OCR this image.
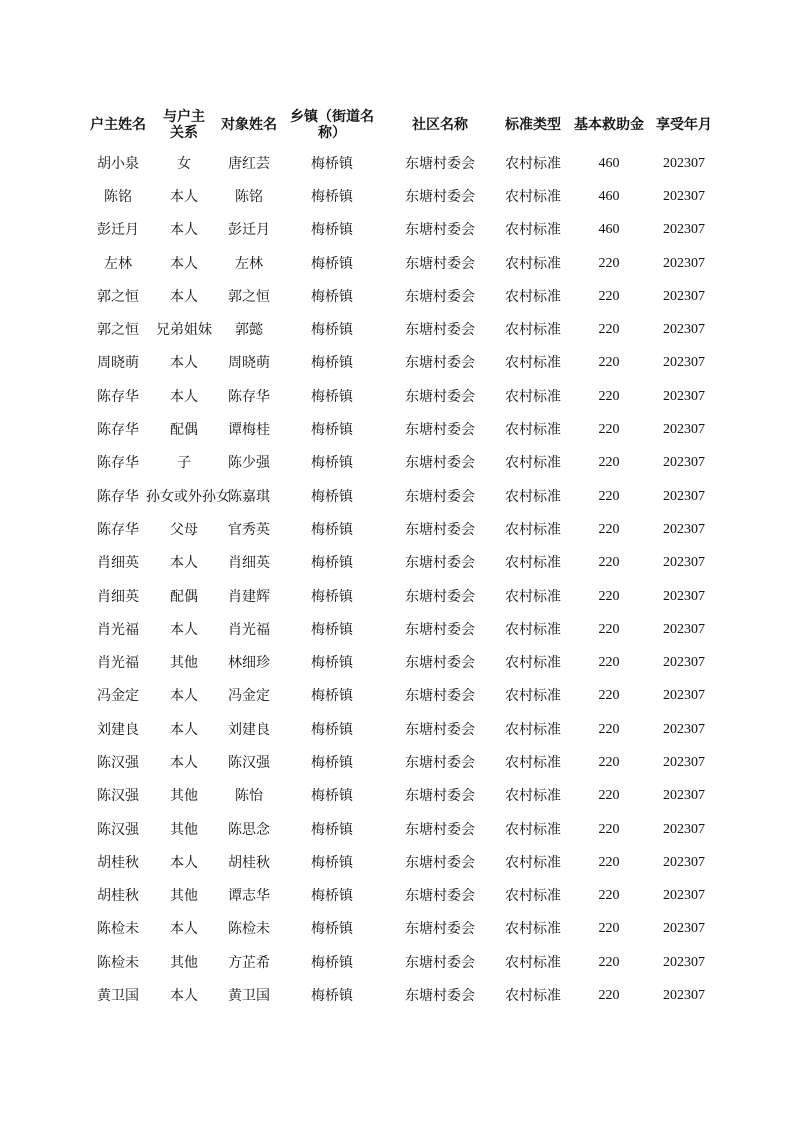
户主姓名	与户主关系	对象姓名	乡镇（街道名称）	社区名称	标准类型	基本救助金	享受年月
胡小泉	女	唐红芸	梅桥镇	东塘村委会	农村标准	460	202307
陈铭	本人	陈铭	梅桥镇	东塘村委会	农村标准	460	202307
彭迁月	本人	彭迁月	梅桥镇	东塘村委会	农村标准	460	202307
左林	本人	左林	梅桥镇	东塘村委会	农村标准	220	202307
郭之恒	本人	郭之恒	梅桥镇	东塘村委会	农村标准	220	202307
郭之恒	兄弟姐妹	郭懿	梅桥镇	东塘村委会	农村标准	220	202307
周晓萌	本人	周晓萌	梅桥镇	东塘村委会	农村标准	220	202307
陈存华	本人	陈存华	梅桥镇	东塘村委会	农村标准	220	202307
陈存华	配偶	谭梅桂	梅桥镇	东塘村委会	农村标准	220	202307
陈存华	子	陈少强	梅桥镇	东塘村委会	农村标准	220	202307
陈存华	孙女或外孙女	陈嘉琪	梅桥镇	东塘村委会	农村标准	220	202307
陈存华	父母	官秀英	梅桥镇	东塘村委会	农村标准	220	202307
肖细英	本人	肖细英	梅桥镇	东塘村委会	农村标准	220	202307
肖细英	配偶	肖建辉	梅桥镇	东塘村委会	农村标准	220	202307
肖光福	本人	肖光福	梅桥镇	东塘村委会	农村标准	220	202307
肖光福	其他	林细珍	梅桥镇	东塘村委会	农村标准	220	202307
冯金定	本人	冯金定	梅桥镇	东塘村委会	农村标准	220	202307
刘建良	本人	刘建良	梅桥镇	东塘村委会	农村标准	220	202307
陈汉强	本人	陈汉强	梅桥镇	东塘村委会	农村标准	220	202307
陈汉强	其他	陈怡	梅桥镇	东塘村委会	农村标准	220	202307
陈汉强	其他	陈思念	梅桥镇	东塘村委会	农村标准	220	202307
胡桂秋	本人	胡桂秋	梅桥镇	东塘村委会	农村标准	220	202307
胡桂秋	其他	谭志华	梅桥镇	东塘村委会	农村标准	220	202307
陈检未	本人	陈检未	梅桥镇	东塘村委会	农村标准	220	202307
陈检未	其他	方芷希	梅桥镇	东塘村委会	农村标准	220	202307
黄卫国	本人	黄卫国	梅桥镇	东塘村委会	农村标准	220	202307
